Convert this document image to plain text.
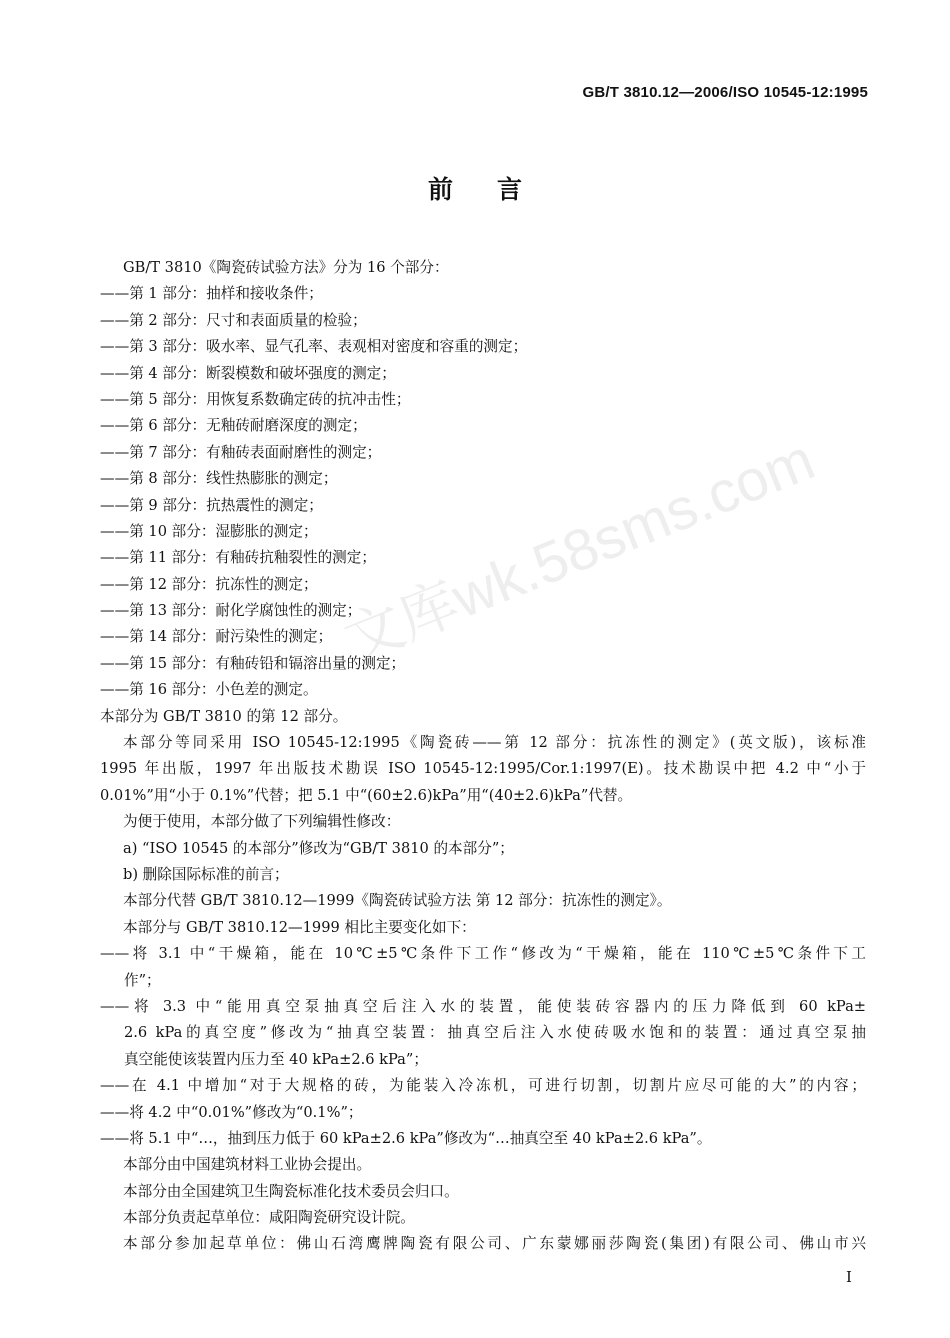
GB/T 3810.12—2006/ISO 10545-12:1995
前言
文库wk.58sms.com
GB/T 3810《陶瓷砖试验方法》分为 16 个部分：
——第 1 部分：抽样和接收条件；
——第 2 部分：尺寸和表面质量的检验；
——第 3 部分：吸水率、显气孔率、表观相对密度和容重的测定；
——第 4 部分：断裂模数和破坏强度的测定；
——第 5 部分：用恢复系数确定砖的抗冲击性；
——第 6 部分：无釉砖耐磨深度的测定；
——第 7 部分：有釉砖表面耐磨性的测定；
——第 8 部分：线性热膨胀的测定；
——第 9 部分：抗热震性的测定；
——第 10 部分：湿膨胀的测定；
——第 11 部分：有釉砖抗釉裂性的测定；
——第 12 部分：抗冻性的测定；
——第 13 部分：耐化学腐蚀性的测定；
——第 14 部分：耐污染性的测定；
——第 15 部分：有釉砖铅和镉溶出量的测定；
——第 16 部分：小色差的测定。
本部分为 GB/T 3810 的第 12 部分。
本部分等同采用 ISO 10545-12:1995《陶瓷砖——第 12 部分：抗冻性的测定》(英文版)，该标准
1995 年出版，1997 年出版技术勘误 ISO 10545-12:1995/Cor.1:1997(E)。技术勘误中把 4.2 中“小于
0.01%”用“小于 0.1%”代替；把 5.1 中“(60±2.6)kPa”用“(40±2.6)kPa”代替。
为便于使用，本部分做了下列编辑性修改：
a) “ISO 10545 的本部分”修改为“GB/T 3810 的本部分”；
b) 删除国际标准的前言；
本部分代替 GB/T 3810.12—1999《陶瓷砖试验方法 第 12 部分：抗冻性的测定》。
本部分与 GB/T 3810.12—1999 相比主要变化如下：
——将 3.1 中“干燥箱，能在 10℃±5℃条件下工作“修改为“干燥箱，能在 110℃±5℃条件下工
作”；
——将 3.3 中“能用真空泵抽真空后注入水的装置，能使装砖容器内的压力降低到 60 kPa±
2.6 kPa的真空度”修改为“抽真空装置：抽真空后注入水使砖吸水饱和的装置：通过真空泵抽
真空能使该装置内压力至 40 kPa±2.6 kPa”；
——在 4.1 中增加“对于大规格的砖，为能装入冷冻机，可进行切割，切割片应尽可能的大”的内容；
——将 4.2 中“0.01%”修改为“0.1%”；
——将 5.1 中“…，抽到压力低于 60 kPa±2.6 kPa”修改为“…抽真空至 40 kPa±2.6 kPa”。
本部分由中国建筑材料工业协会提出。
本部分由全国建筑卫生陶瓷标准化技术委员会归口。
本部分负责起草单位：咸阳陶瓷研究设计院。
本部分参加起草单位：佛山石湾鹰牌陶瓷有限公司、广东蒙娜丽莎陶瓷(集团)有限公司、佛山市兴
I
